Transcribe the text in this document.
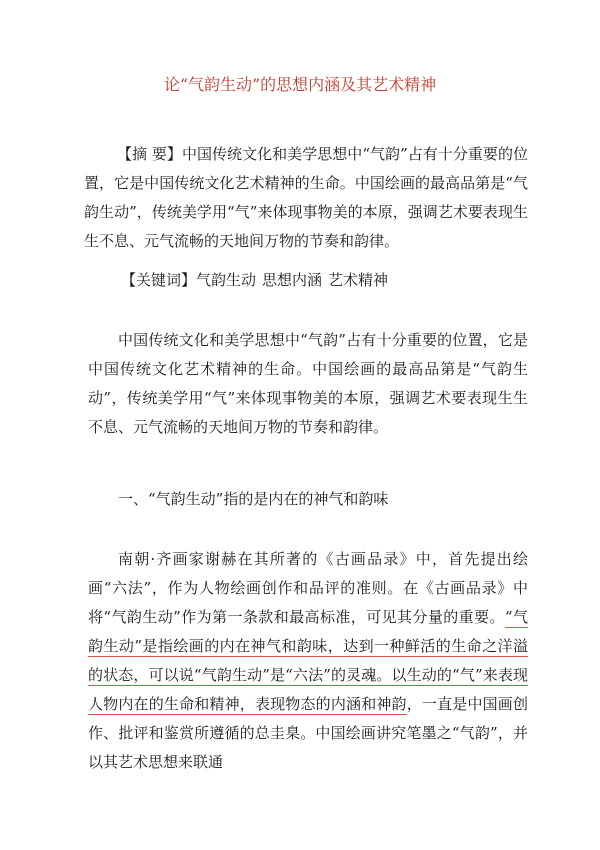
论“气韵生动”的思想内涵及其艺术精神
【摘 要】中国传统文化和美学思想中“气韵”占有十分重要的位置，它是中国传统文化艺术精神的生命。中国绘画的最高品第是“气韵生动”，传统美学用“气”来体现事物美的本原，强调艺术要表现生生不息、元气流畅的天地间万物的节奏和韵律。
【关键词】气韵生动 思想内涵 艺术精神
中国传统文化和美学思想中“气韵”占有十分重要的位置，它是中国传统文化艺术精神的生命。中国绘画的最高品第是“气韵生动”，传统美学用“气”来体现事物美的本原，强调艺术要表现生生不息、元气流畅的天地间万物的节奏和韵律。
一、“气韵生动”指的是内在的神气和韵味
南朝·齐画家谢赫在其所著的《古画品录》中，首先提出绘画“六法”，作为人物绘画创作和品评的准则。在《古画品录》中将“气韵生动”作为第一条款和最高标准，可见其分量的重要。“气韵生动”是指绘画的内在神气和韵味，达到一种鲜活的生命之洋溢的状态，可以说“气韵生动”是“六法”的灵魂。以生动的“气”来表现人物内在的生命和精神，表现物态的内涵和神韵，一直是中国画创作、批评和鉴赏所遵循的总圭臬。中国绘画讲究笔墨之“气韵”，并以其艺术思想来联通
